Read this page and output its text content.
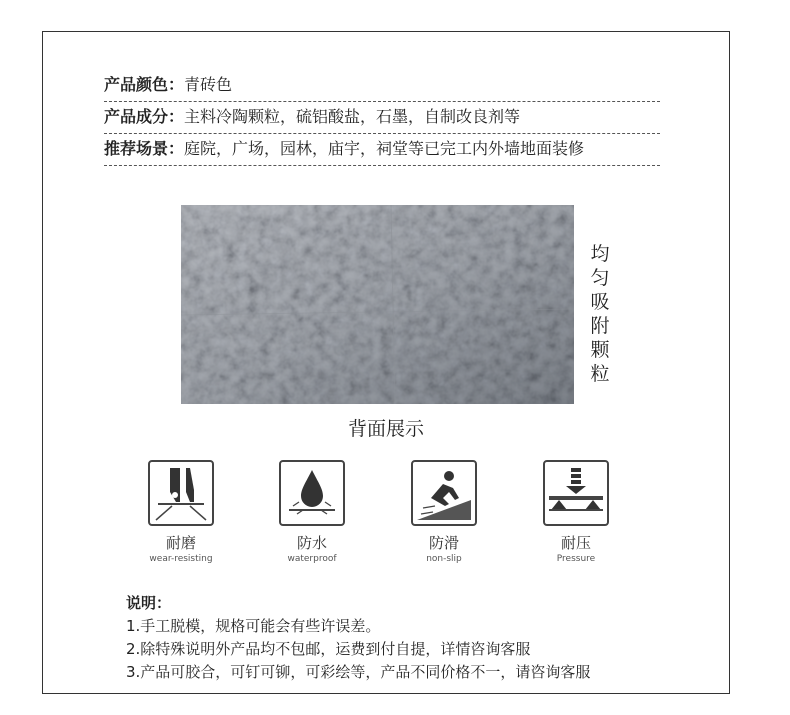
产品颜色：青砖色
产品成分：主料冷陶颗粒，硫铝酸盐，石墨，自制改良剂等
推荐场景：庭院，广场，园林，庙宇，祠堂等已完工内外墙地面装修
均
匀
吸
附
颗
粒
背面展示
耐磨
wear-resisting
防水
waterproof
防滑
non-slip
耐压
Pressure
说明：
1.手工脱模，规格可能会有些许误差。
2.除特殊说明外产品均不包邮，运费到付自提，详情咨询客服
3.产品可胶合，可钉可铆，可彩绘等，产品不同价格不一，请咨询客服
